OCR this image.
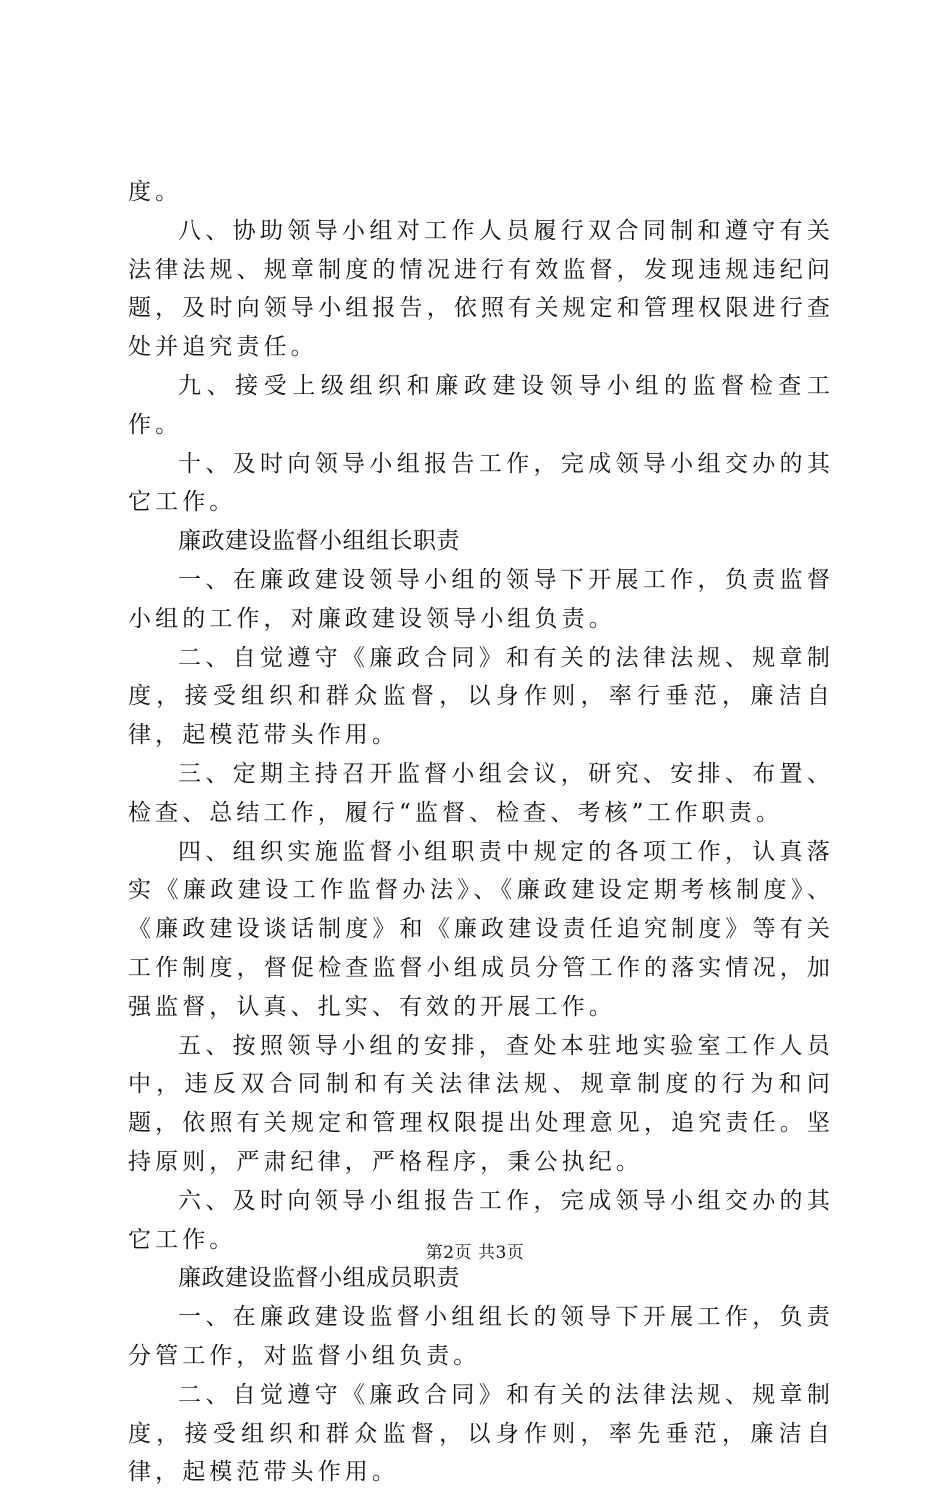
度。

八、协助领导小组对工作人员履行双合同制和遵守有关法律法规、规章制度的情况进行有效监督，发现违规违纪问题，及时向领导小组报告，依照有关规定和管理权限进行查处并追究责任。

九、接受上级组织和廉政建设领导小组的监督检查工作。

十、及时向领导小组报告工作，完成领导小组交办的其它工作。

廉政建设监督小组组长职责

一、在廉政建设领导小组的领导下开展工作，负责监督小组的工作，对廉政建设领导小组负责。

二、自觉遵守《廉政合同》和有关的法律法规、规章制度，接受组织和群众监督，以身作则，率行垂范，廉洁自律，起模范带头作用。

三、定期主持召开监督小组会议，研究、安排、布置、检查、总结工作，履行“监督、检查、考核”工作职责。

四、组织实施监督小组职责中规定的各项工作，认真落实《廉政建设工作监督办法》、《廉政建设定期考核制度》、《廉政建设谈话制度》和《廉政建设责任追究制度》等有关工作制度，督促检查监督小组成员分管工作的落实情况，加强监督，认真、扎实、有效的开展工作。

五、按照领导小组的安排，查处本驻地实验室工作人员中，违反双合同制和有关法律法规、规章制度的行为和问题，依照有关规定和管理权限提出处理意见，追究责任。坚持原则，严肃纪律，严格程序，秉公执纪。

六、及时向领导小组报告工作，完成领导小组交办的其它工作。

廉政建设监督小组成员职责

一、在廉政建设监督小组组长的领导下开展工作，负责分管工作，对监督小组负责。

二、自觉遵守《廉政合同》和有关的法律法规、规章制度，接受组织和群众监督，以身作则，率先垂范，廉洁自律，起模范带头作用。

第2页 共3页
